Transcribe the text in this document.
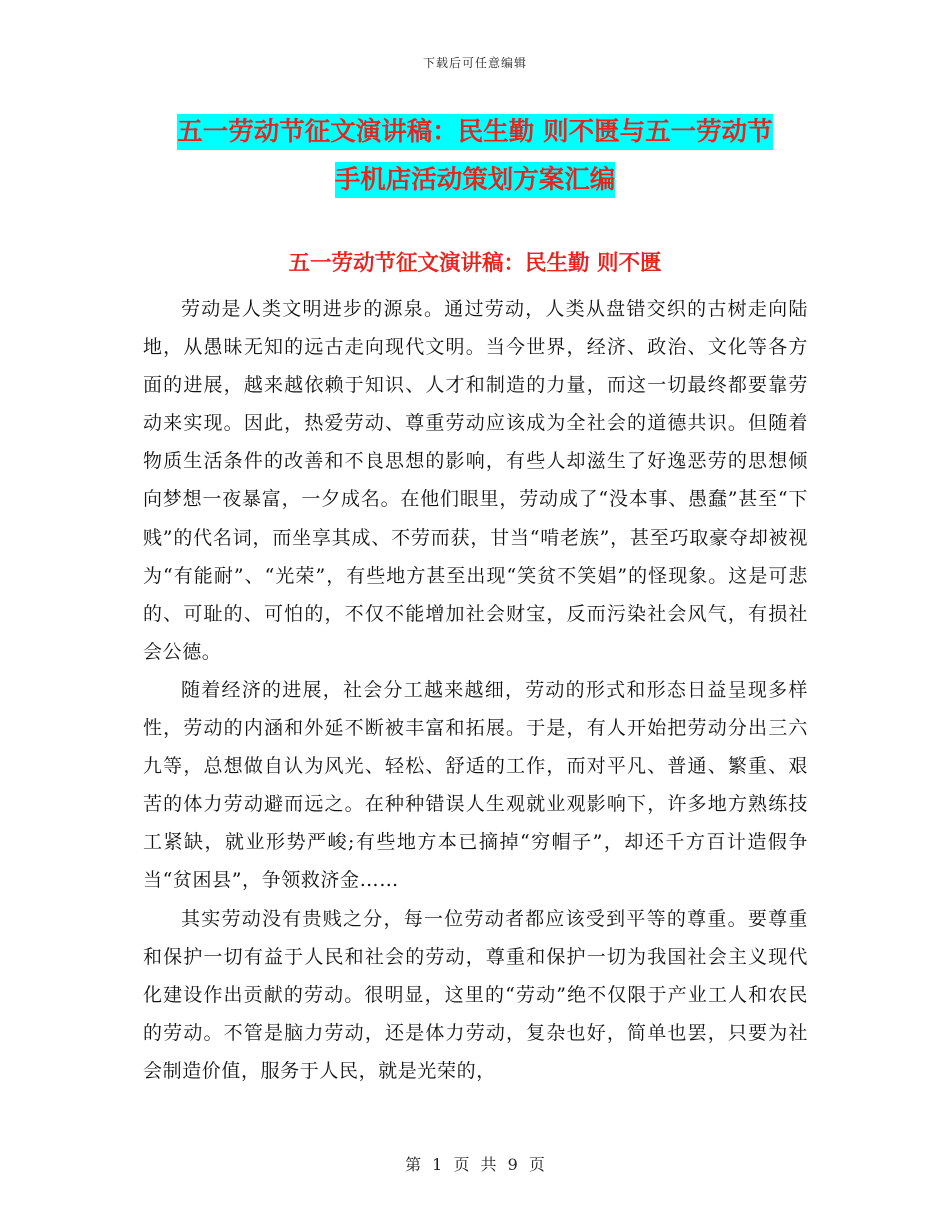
下载后可任意编辑
五一劳动节征文演讲稿：民生勤 则不匮与五一劳动节
手机店活动策划方案汇编
五一劳动节征文演讲稿：民生勤 则不匮

劳动是人类文明进步的源泉。通过劳动，人类从盘错交织的古树走向陆地，从愚昧无知的远古走向现代文明。当今世界，经济、政治、文化等各方面的进展，越来越依赖于知识、人才和制造的力量，而这一切最终都要靠劳动来实现。因此，热爱劳动、尊重劳动应该成为全社会的道德共识。但随着物质生活条件的改善和不良思想的影响，有些人却滋生了好逸恶劳的思想倾向梦想一夜暴富，一夕成名。在他们眼里，劳动成了“没本事、愚蠢”甚至“下贱”的代名词，而坐享其成、不劳而获，甘当“啃老族”，甚至巧取豪夺却被视为“有能耐”、“光荣”，有些地方甚至出现“笑贫不笑娼”的怪现象。这是可悲的、可耻的、可怕的，不仅不能增加社会财宝，反而污染社会风气，有损社会公德。

随着经济的进展，社会分工越来越细，劳动的形式和形态日益呈现多样性，劳动的内涵和外延不断被丰富和拓展。于是，有人开始把劳动分出三六九等，总想做自认为风光、轻松、舒适的工作，而对平凡、普通、繁重、艰苦的体力劳动避而远之。在种种错误人生观就业观影响下，许多地方熟练技工紧缺，就业形势严峻;有些地方本已摘掉“穷帽子”，却还千方百计造假争当“贫困县”，争领救济金……

其实劳动没有贵贱之分，每一位劳动者都应该受到平等的尊重。要尊重和保护一切有益于人民和社会的劳动，尊重和保护一切为我国社会主义现代化建设作出贡献的劳动。很明显，这里的“劳动”绝不仅限于产业工人和农民的劳动。不管是脑力劳动，还是体力劳动，复杂也好，简单也罢，只要为社会制造价值，服务于人民，就是光荣的，

第 1 页 共 9 页
